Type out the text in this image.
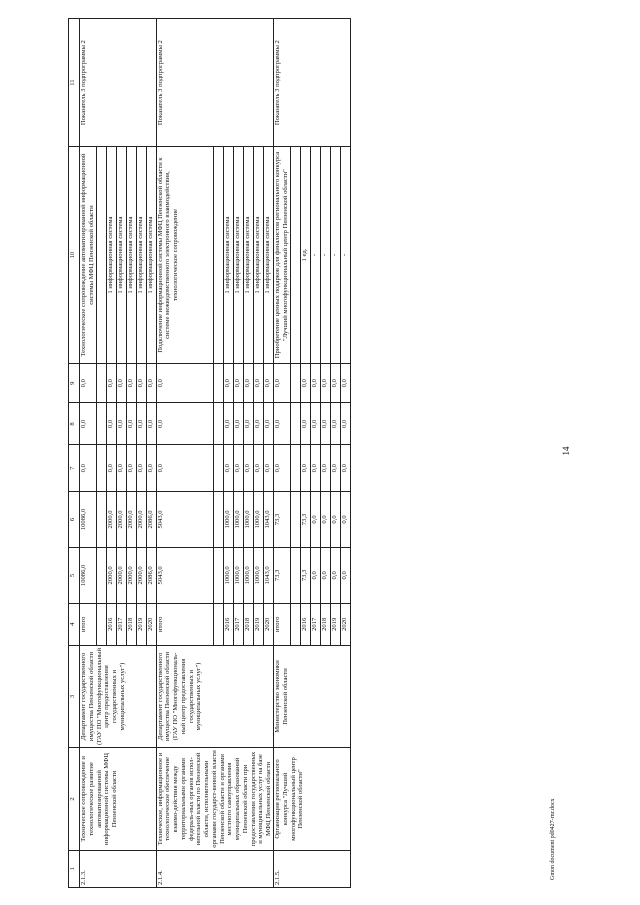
14
Gmon document рd0427-rnr.docx
1	2	3	4	5	6	7	8	9	10	11
2.1.3.	Техническое сопровождение и технологическое развитие автоматизированной информационной системы МФЦ Пензенской области	Департамент государственного имущества Пензенской области (ГАУ ПО "Многофункциональный центр предоставления государственных и муниципальных услуг")	итого	10086,0	10086,0	0,0	0,0	0,0	Технологическое сопровождение автоматизированной информационной системы МФЦ Пензенской области	Показатель 3 подпрограммы 2

			2016	2000,0	2000,0	0,0	0,0	0,0	1 информационная система	
			2017	2000,0	2000,0	0,0	0,0	0,0	1 информационная система	
			2018	2000,0	2000,0	0,0	0,0	0,0	1 информационная система	
			2019	2000,0	2000,0	0,0	0,0	0,0	1 информационная система	
			2020	2086,0	2086,0	0,0	0,0	0,0	1 информационная система	
2.1.4.	Техническое, информационное и технологическое обеспечение взаимо-действия между территориальными органами федераль-ных органов испол-нительной власти по Пензенской области, исполнительными органами государст-венной власти Пензенской области и органами местного самоуправления муниципальных образований Пензенской области при предоставлении государственных и муниципальных услуг на базе МФЦ Пензенской области	Департамент государственного имущества Пензенской области (ГАУ ПО "Многофункциональ-ный центр предоставления государственных и муниципальных услуг")	итого	5043,0	5043,0	0,0	0,0	0,0	Подключение информационной системы МФЦ Пензенской области к системе межведомственного электронного взаимодействия, технологическое сопровождение	Показатель 3 подпрограммы 2

			2016	1000,0	1000,0	0,0	0,0	0,0	1 информационная система	
			2017	1000,0	1000,0	0,0	0,0	0,0	1 информационная система	
			2018	1000,0	1000,0	0,0	0,0	0,0	1 информационная система	
			2019	1000,0	1000,0	0,0	0,0	0,0	1 информационная система	
			2020	1043,0	1043,0	0,0	0,0	0,0	1 информационная система	
2.1.5.	Организация регионального конкурса "Лучший многофункциональный центр Пензенской области"	Министерство экономики Пензенской области	итого	73,3	73,3	0,0	0,0	0,0	Приобретение ценных подарков для финалистов регионального конкурса "Лучший многофункциональный центр Пензенской области"	Показатель 3 подпрограммы 2

			2016	73,3	73,3	0,0	0,0	0,0	1 ед.	
			2017	0,0	0,0	0,0	0,0	0,0	-	
			2018	0,0	0,0	0,0	0,0	0,0	-	
			2019	0,0	0,0	0,0	0,0	0,0	-	
			2020	0,0	0,0	0,0	0,0	0,0	-	
